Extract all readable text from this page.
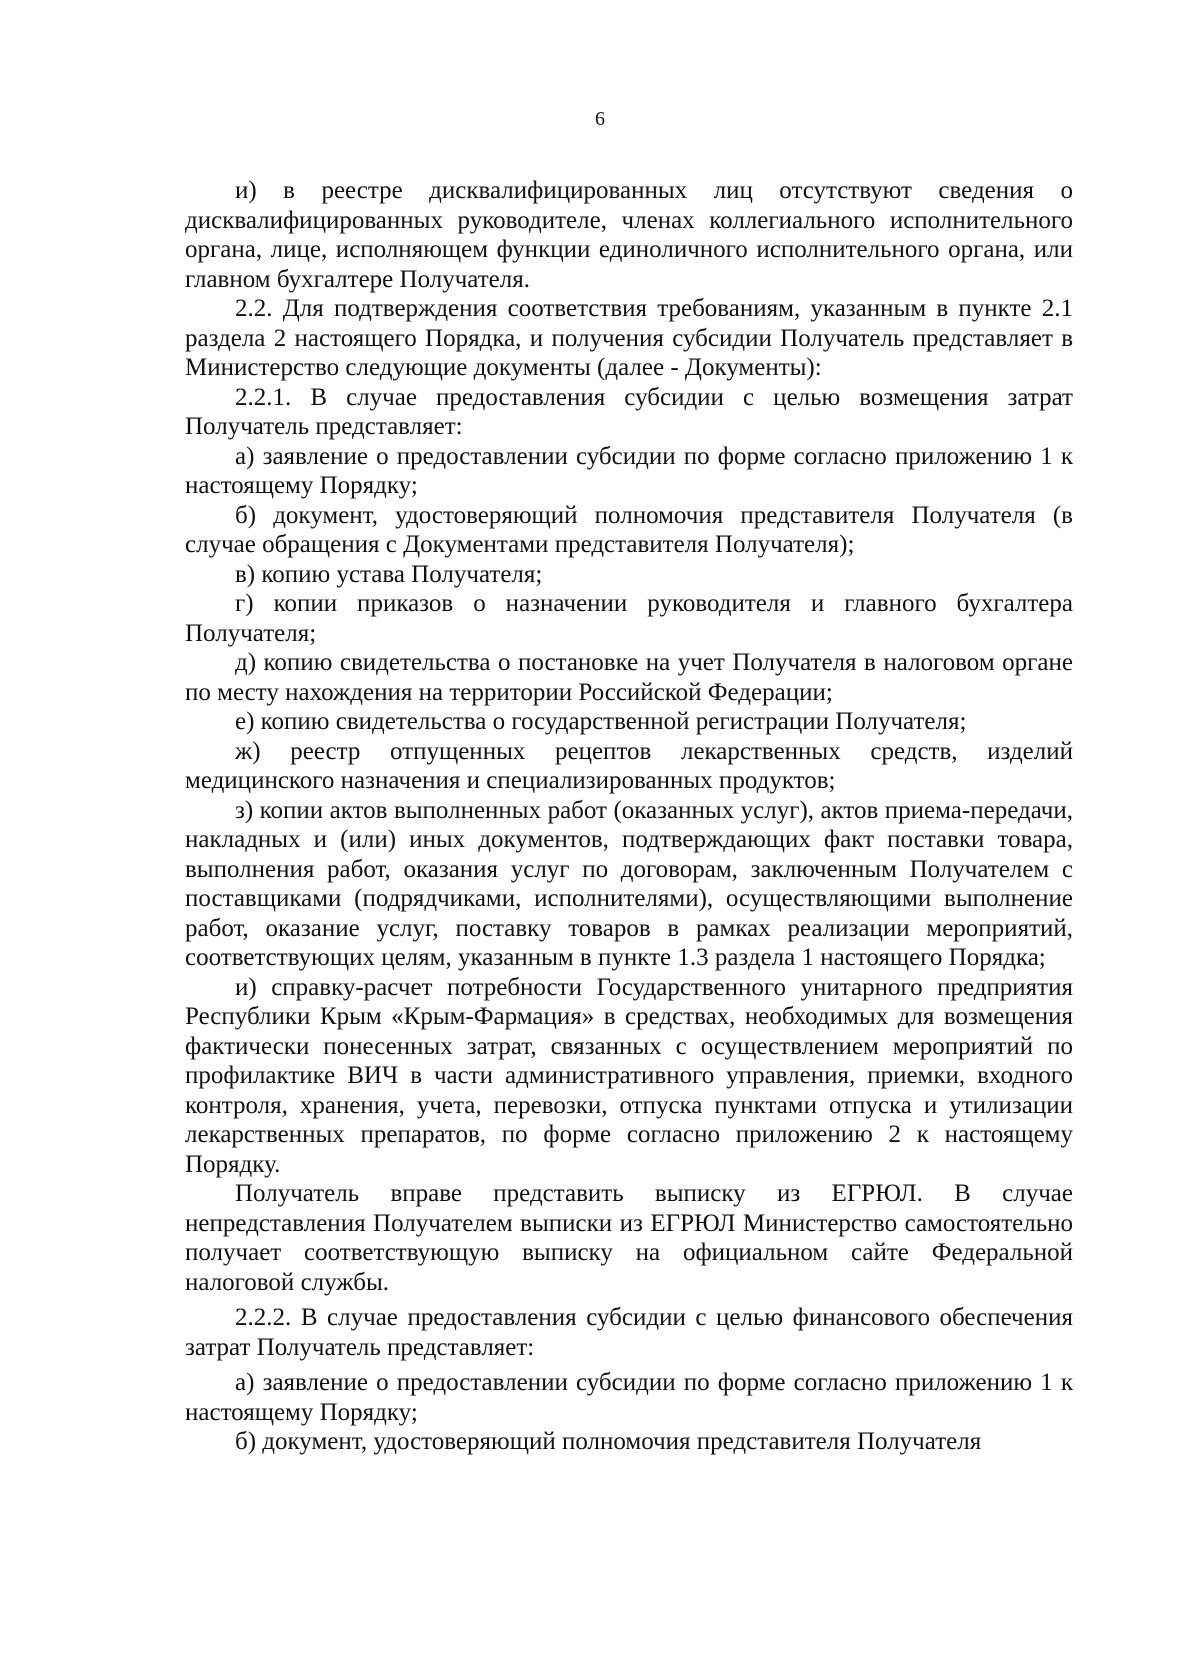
6

и) в реестре дисквалифицированных лиц отсутствуют сведения о дисквалифицированных руководителе, членах коллегиального исполнительного органа, лице, исполняющем функции единоличного исполнительного органа, или главном бухгалтере Получателя.

2.2. Для подтверждения соответствия требованиям, указанным в пункте 2.1 раздела 2 настоящего Порядка, и получения субсидии Получатель представляет в Министерство следующие документы (далее - Документы):

2.2.1. В случае предоставления субсидии с целью возмещения затрат Получатель представляет:

а) заявление о предоставлении субсидии по форме согласно приложению 1 к настоящему Порядку;

б) документ, удостоверяющий полномочия представителя Получателя (в случае обращения с Документами представителя Получателя);

в) копию устава Получателя;

г) копии приказов о назначении руководителя и главного бухгалтера Получателя;

д) копию свидетельства о постановке на учет Получателя в налоговом органе по месту нахождения на территории Российской Федерации;

е) копию свидетельства о государственной регистрации Получателя;

ж) реестр отпущенных рецептов лекарственных средств, изделий медицинского назначения и специализированных продуктов;

з) копии актов выполненных работ (оказанных услуг), актов приема-передачи, накладных и (или) иных документов, подтверждающих факт поставки товара, выполнения работ, оказания услуг по договорам, заключенным Получателем с поставщиками (подрядчиками, исполнителями), осуществляющими выполнение работ, оказание услуг, поставку товаров в рамках реализации мероприятий, соответствующих целям, указанным в пункте 1.3 раздела 1 настоящего Порядка;

и) справку-расчет потребности Государственного унитарного предприятия Республики Крым «Крым-Фармация» в средствах, необходимых для возмещения фактически понесенных затрат, связанных с осуществлением мероприятий по профилактике ВИЧ в части административного управления, приемки, входного контроля, хранения, учета, перевозки, отпуска пунктами отпуска и утилизации лекарственных препаратов, по форме согласно приложению 2 к настоящему Порядку.

Получатель вправе представить выписку из ЕГРЮЛ. В случае непредставления Получателем выписки из ЕГРЮЛ Министерство самостоятельно получает соответствующую выписку на официальном сайте Федеральной налоговой службы.

2.2.2. В случае предоставления субсидии с целью финансового обеспечения затрат Получатель представляет:

а) заявление о предоставлении субсидии по форме согласно приложению 1 к настоящему Порядку;

б) документ, удостоверяющий полномочия представителя Получателя
